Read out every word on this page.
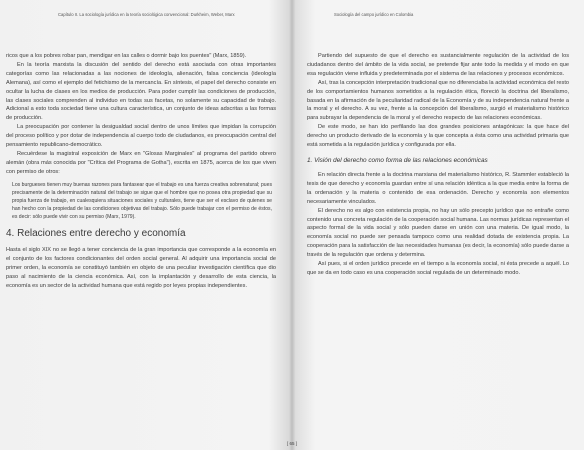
Capítulo II. La sociología jurídica en la teoría sociológica convencional: Durkheim, Weber, Marx

ricos que a los pobres robar pan, mendigar en las calles o dormir bajo los puentes" (Marx, 1859).

En la teoría marxista la discusión del sentido del derecho está asociada con otras importantes categorías como las relacionadas a las nociones de ideología, alienación, falsa conciencia (ideología Alemana), así como el ejemplo del fetichismo de la mercancía. En síntesis, el papel del derecho consiste en ocultar la lucha de clases en los medios de producción. Para poder cumplir las condiciones de producción, las clases sociales comprenden al individuo en todas sus facetas, no solamente su capacidad de trabajo. Adicional a esto toda sociedad tiene una cultura característica, un conjunto de ideas adscritas a las formas de producción.

La preocupación por contener la desigualdad social dentro de unos límites que impidan la corrupción del proceso político y por dotar de independencia al cuerpo todo de ciudadanos, es preocupación central del pensamiento republicano-democrático.

Recuérdese la magistral exposición de Marx en "Glosas Marginales" al programa del partido obrero alemán (obra más conocida por "Crítica del Programa de Gotha"), escrita en 1875, acerca de los que viven con permiso de otros:

Los burgueses tienen muy buenas razones para fantasear que el trabajo es una fuerza creativa sobrenatural; pues precisamente de la determinación natural del trabajo se sigue que el hombre que no posea otra propiedad que su propia fuerza de trabajo, en cualesquiera situaciones sociales y culturales, tiene que ser el esclavo de quienes se han hecho con la propiedad de las condiciones objetivas del trabajo. Sólo puede trabajar con el permiso de éstos, es decir: sólo puede vivir con su permiso (Marx, 1979).
4. Relaciones entre derecho y economía

Hasta el siglo XIX no se llegó a tener conciencia de la gran importancia que corresponde a la economía en el conjunto de los factores condicionantes del orden social general. Al adquirir una importancia social de primer orden, la economía se constituyó también en objeto de una peculiar investigación científica que dio paso al nacimiento de la ciencia económica. Así, con la implantación y desarrollo de esta ciencia, la economía es un sector de la actividad humana que está regido por leyes propias independientes.

Sociología del campo jurídico en Colombia

Partiendo del supuesto de que el derecho es sustancialmente regulación de la actividad de los ciudadanos dentro del ámbito de la vida social, se pretende fijar ante todo la medida y el modo en que esa regulación viene influida y predeterminada por el sistema de las relaciones y procesos económicos.

Así, tras la concepción interpretación tradicional que no diferenciaba la actividad económica del resto de los comportamientos humanos sometidos a la regulación ética, floreció la doctrina del liberalismo, basada en la afirmación de la peculiaridad radical de la Economía y de su independencia natural frente a la moral y el derecho. A su vez, frente a la concepción del liberalismo, surgió el materialismo histórico para subrayar la dependencia de la moral y el derecho respecto de las relaciones económicas.

De este modo, se han ido perfilando las dos grandes posiciones antagónicas: la que hace del derecho un producto derivado de la economía y la que concepta a ésta como una actividad primaria que está sometida a la regulación jurídica y configurada por ella.

1. Visión del derecho como forma de las relaciones económicas

En relación directa frente a la doctrina marxiana del materialismo histórico, R. Stammler estableció la tesis de que derecho y economía guardan entre sí una relación idéntica a la que media entre la forma de la ordenación y la materia o contenido de esa ordenación. Derecho y economía son elementos necesariamente vinculados.

El derecho no es algo con existencia propia, no hay un sólo precepto jurídico que no entrañe como contenido una concreta regulación de la cooperación social humana. Las normas jurídicas representan el aspecto formal de la vida social y sólo pueden darse en unión con una materia. De igual modo, la economía social no puede ser pensada tampoco como una realidad dotada de existencia propia. La cooperación para la satisfacción de las necesidades humanas (es decir, la economía) sólo puede darse a través de la regulación que ordena y determina.

Así pues, si el orden jurídico precede en el tiempo a la economía social, ni ésta precede a aquél. Lo que se da en todo caso es una cooperación social regulada de un determinado modo.

[ 65 ]
